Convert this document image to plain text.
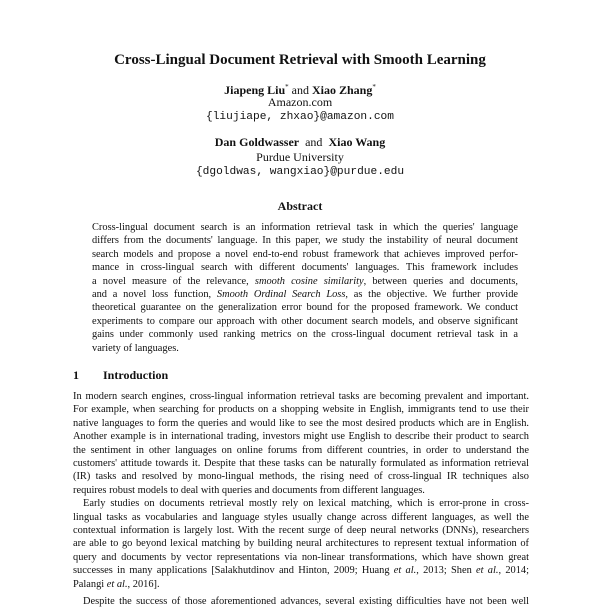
Cross-Lingual Document Retrieval with Smooth Learning
Jiapeng Liu* and Xiao Zhang*
Amazon.com
{liujiape, zhxao}@amazon.com
Dan Goldwasser and Xiao Wang
Purdue University
{dgoldwas, wangxiao}@purdue.edu
Abstract
Cross-lingual document search is an information retrieval task in which the queries' language
differs from the documents' language. In this paper, we study the instability of neural document
search models and propose a novel end-to-end robust framework that achieves improved perfor-
mance in cross-lingual search with different documents' languages. This framework includes
a novel measure of the relevance, smooth cosine similarity, between queries and documents,
and a novel loss function, Smooth Ordinal Search Loss, as the objective. We further provide
theoretical guarantee on the generalization error bound for the proposed framework. We conduct
experiments to compare our approach with other document search models, and observe significant
gains under commonly used ranking metrics on the cross-lingual document retrieval task in a
variety of languages.
1 Introduction

In modern search engines, cross-lingual information retrieval tasks are becoming prevalent and important.
For example, when searching for products on a shopping website in English, immigrants tend to use their
native languages to form the queries and would like to see the most desired products which are in English.
Another example is in international trading, investors might use English to describe their product to search
the sentiment in other languages on online forums from different countries, in order to understand the
customers' attitude towards it. Despite that these tasks can be naturally formulated as information retrieval
(IR) tasks and resolved by mono-lingual methods, the rising need of cross-lingual IR techniques also
requires robust models to deal with queries and documents from different languages.

Early studies on documents retrieval mostly rely on lexical matching, which is error-prone in cross-
lingual tasks as vocabularies and language styles usually change across different languages, as well the
contextual information is largely lost. With the recent surge of deep neural networks (DNNs), researchers
are able to go beyond lexical matching by building neural architectures to represent textual information of
query and documents by vector representations via non-linear transformations, which have shown great
successes in many applications [Salakhutdinov and Hinton, 2009; Huang et al., 2013; Shen et al., 2014;
Palangi et al., 2016].

Despite the success of those aforementioned advances, several existing difficulties have not been well
